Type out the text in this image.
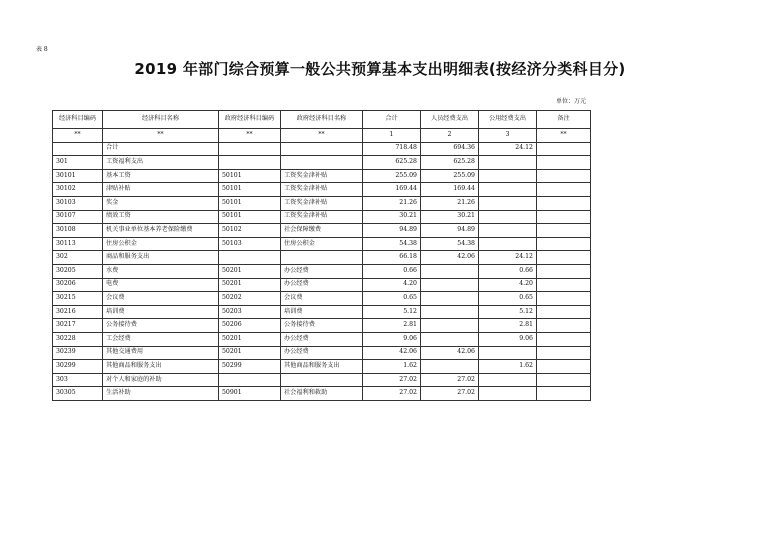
表 8
2019 年部门综合预算一般公共预算基本支出明细表(按经济分类科目分)
单位：万元
经济科目编码	经济科目名称	政府经济科目编码	政府经济科目名称	合计	人员经费支出	公用经费支出	备注
**	**	**	**	1	2	3	**
	合计			718.48	694.36	24.12	
301	工资福利支出			625.28	625.28		
30101	基本工资	50101	工资奖金津补贴	255.09	255.09		
30102	津贴补贴	50101	工资奖金津补贴	169.44	169.44		
30103	奖金	50101	工资奖金津补贴	21.26	21.26		
30107	绩效工资	50101	工资奖金津补贴	30.21	30.21		
30108	机关事业单位基本养老保险缴费	50102	社会保障缴费	94.89	94.89		
30113	住房公积金	50103	住房公积金	54.38	54.38		
302	商品和服务支出			66.18	42.06	24.12	
30205	水费	50201	办公经费	0.66		0.66	
30206	电费	50201	办公经费	4.20		4.20	
30215	会议费	50202	会议费	0.65		0.65	
30216	培训费	50203	培训费	5.12		5.12	
30217	公务接待费	50206	公务接待费	2.81		2.81	
30228	工会经费	50201	办公经费	9.06		9.06	
30239	其他交通费用	50201	办公经费	42.06	42.06		
30299	其他商品和服务支出	50299	其他商品和服务支出	1.62		1.62	
303	对个人和家庭的补助			27.02	27.02		
30305	生活补助	50901	社会福利和救助	27.02	27.02		
